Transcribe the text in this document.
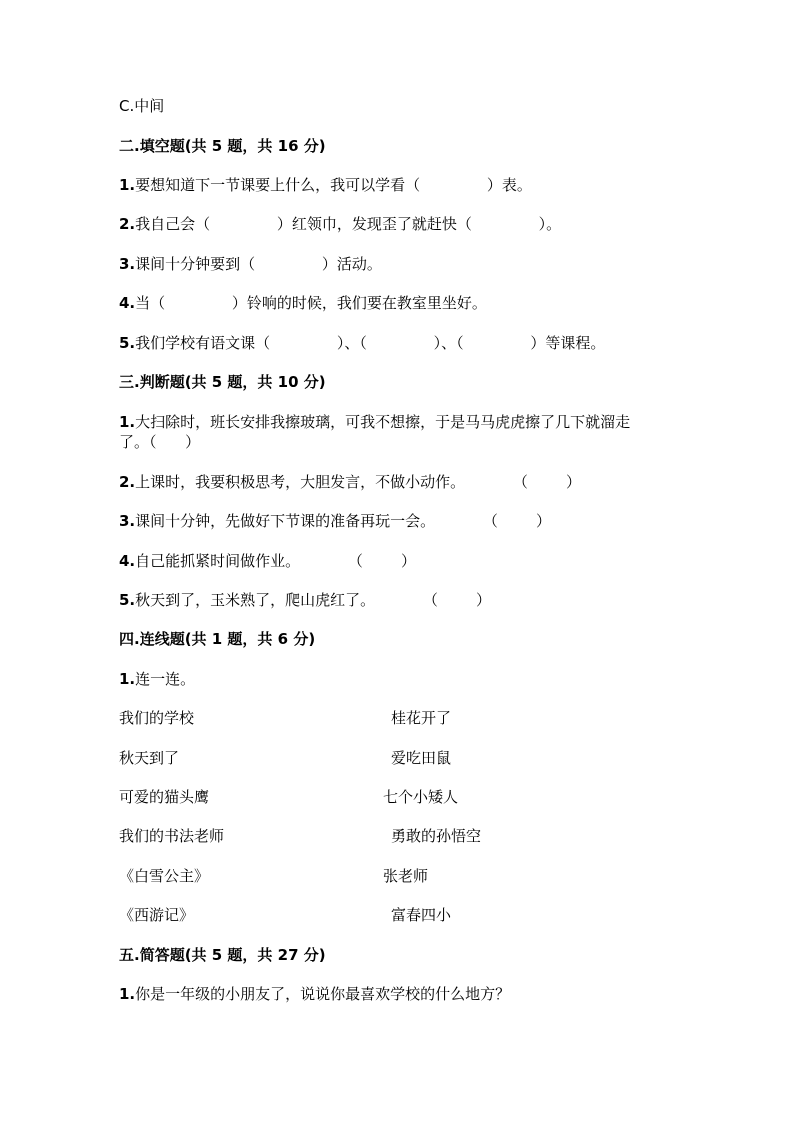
C.中间
二.填空题(共 5 题，共 16 分)
1.要想知道下一节课要上什么，我可以学看（              ）表。
2.我自己会（              ）红领巾，发现歪了就赶快（              ）。
3.课间十分钟要到（              ）活动。
4.当（              ）铃响的时候，我们要在教室里坐好。
5.我们学校有语文课（              ）、（              ）、（              ）等课程。
三.判断题(共 5 题，共 10 分)
1.大扫除时，班长安排我擦玻璃，可我不想擦，于是马马虎虎擦了几下就溜走
了。（      ）
2.上课时，我要积极思考，大胆发言，不做小动作。          （        ）
3.课间十分钟，先做好下节课的准备再玩一会。          （        ）
4.自己能抓紧时间做作业。          （        ）
5.秋天到了，玉米熟了，爬山虎红了。          （        ）
四.连线题(共 1 题，共 6 分)
1.连一连。
我们的学校	桂花开了
秋天到了	爱吃田鼠
可爱的猫头鹰	七个小矮人
我们的书法老师	勇敢的孙悟空
《白雪公主》	张老师
《西游记》	富春四小
五.简答题(共 5 题，共 27 分)
1.你是一年级的小朋友了，说说你最喜欢学校的什么地方？
